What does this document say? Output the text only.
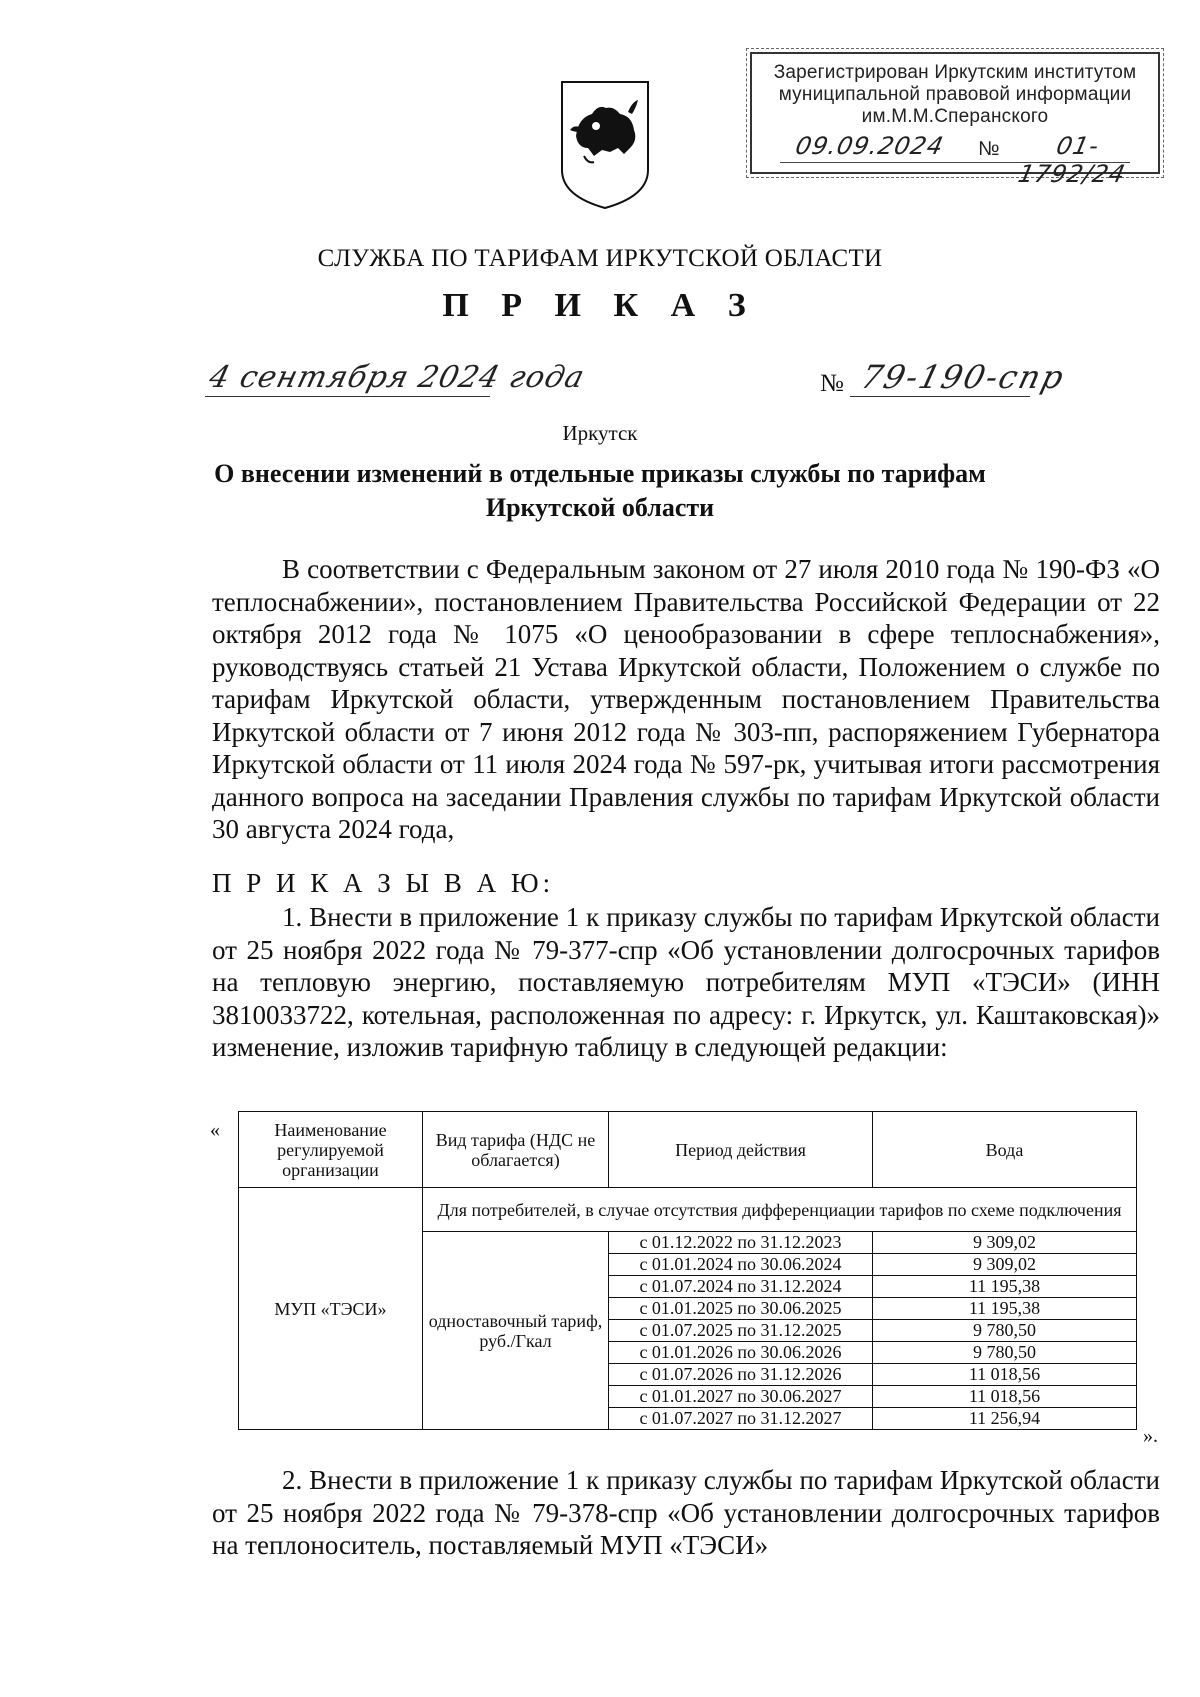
Зарегистрирован Иркутским институтом
муниципальной правовой информации
им.М.М.Сперанского
09.09.2024 №	01-1792/24
СЛУЖБА ПО ТАРИФАМ ИРКУТСКОЙ ОБЛАСТИ
П Р И К А З
4 сентября 2024 года	№ 79-190-спр
Иркутск
О внесении изменений в отдельные приказы службы по тарифам
Иркутской области
В соответствии с Федеральным законом от 27 июля 2010 года № 190-ФЗ «О теплоснабжении», постановлением Правительства Российской Федерации от 22 октября 2012 года № 1075 «О ценообразовании в сфере теплоснабжения», руководствуясь статьей 21 Устава Иркутской области, Положением о службе по тарифам Иркутской области, утвержденным постановлением Правительства Иркутской области от 7 июня 2012 года № 303-пп, распоряжением Губернатора Иркутской области от 11 июля 2024 года № 597-рк, учитывая итоги рассмотрения данного вопроса на заседании Правления службы по тарифам Иркутской области 30 августа 2024 года,
П Р И К А З Ы В А Ю:
1. Внести в приложение 1 к приказу службы по тарифам Иркутской области от 25 ноября 2022 года № 79-377-спр «Об установлении долгосрочных тарифов на тепловую энергию, поставляемую потребителям МУП «ТЭСИ» (ИНН 3810033722, котельная, расположенная по адресу: г. Иркутск, ул. Каштаковская)» изменение, изложив тарифную таблицу в следующей редакции:
«	Наименование регулируемой организации	Вид тарифа (НДС не облагается)	Период действия	Вода
МУП «ТЭСИ»	Для потребителей, в случае отсутствия дифференциации тарифов по схеме подключения		
	одноставочный тариф, руб./Гкал	с 01.12.2022 по 31.12.2023	9 309,02
		с 01.01.2024 по 30.06.2024	9 309,02
		с 01.07.2024 по 31.12.2024	11 195,38
		с 01.01.2025 по 30.06.2025	11 195,38
		с 01.07.2025 по 31.12.2025	9 780,50
		с 01.01.2026 по 30.06.2026	9 780,50
		с 01.07.2026 по 31.12.2026	11 018,56
		с 01.01.2027 по 30.06.2027	11 018,56
		с 01.07.2027 по 31.12.2027	11 256,94
».
2. Внести в приложение 1 к приказу службы по тарифам Иркутской области от 25 ноября 2022 года № 79-378-спр «Об установлении долгосрочных тарифов на теплоноситель, поставляемый МУП «ТЭСИ»
